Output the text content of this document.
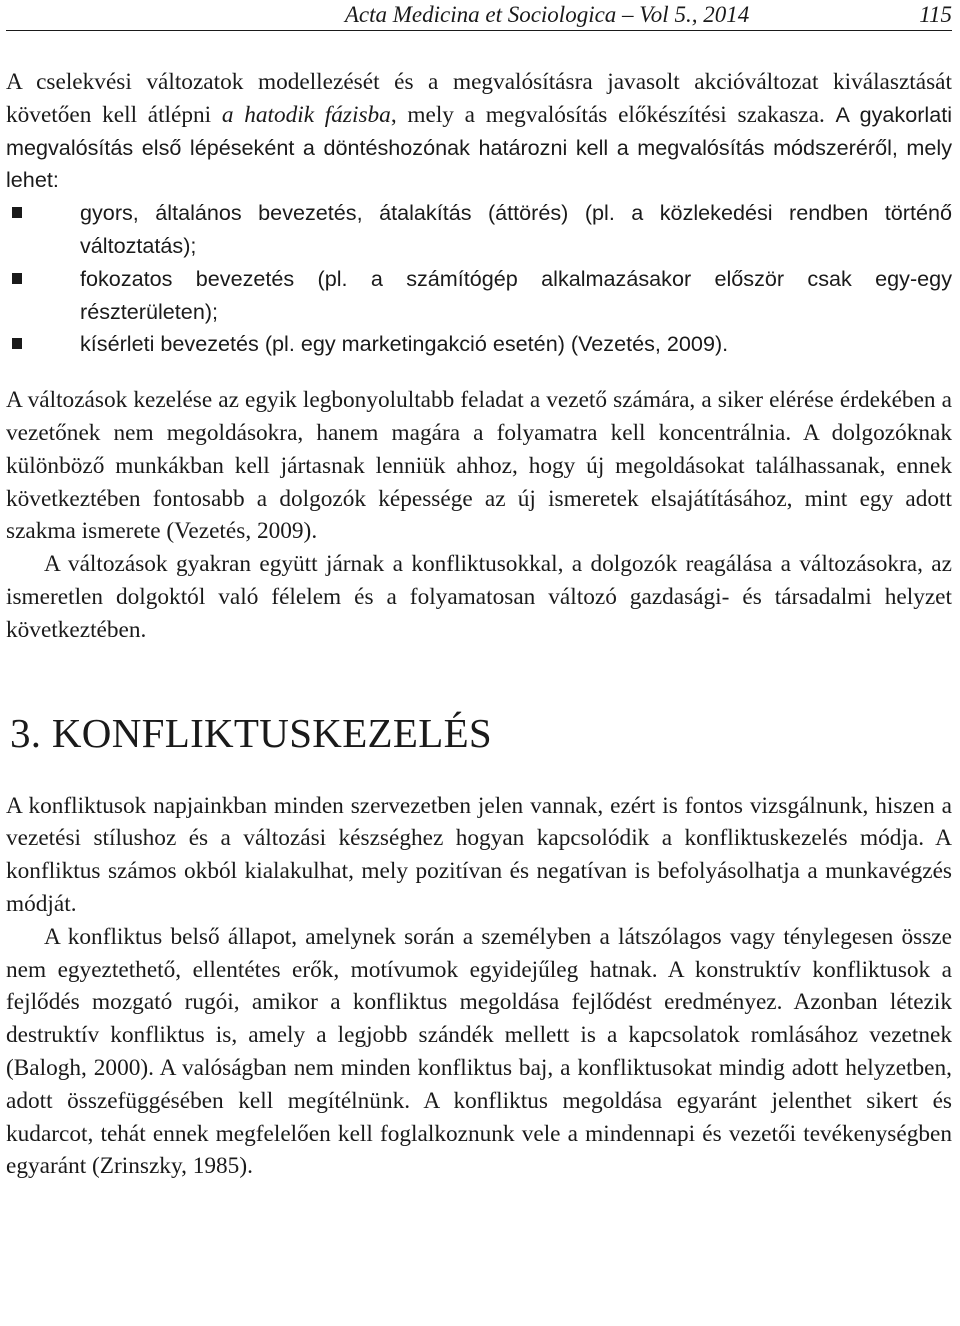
Acta Medicina et Sociologica – Vol 5., 2014	115

A cselekvési változatok modellezését és a megvalósításra javasolt akcióváltozat kiválasztását követően kell átlépni a hatodik fázisba, mely a megvalósítás előkészítési szakasza. A gyakorlati megvalósítás első lépéseként a döntéshozónak határozni kell a megvalósítás módszeréről, mely lehet:

gyors, általános bevezetés, átalakítás (áttörés) (pl. a közlekedési rendben történő változtatás);
fokozatos bevezetés (pl. a számítógép alkalmazásakor először csak egy-egy részterületen);
kísérleti bevezetés (pl. egy marketingakció esetén) (Vezetés, 2009).

A változások kezelése az egyik legbonyolultabb feladat a vezető számára, a siker elérése érdekében a vezetőnek nem megoldásokra, hanem magára a folyamatra kell koncentrálnia. A dolgozóknak különböző munkákban kell jártasnak lenniük ahhoz, hogy új megoldásokat találhassanak, ennek következtében fontosabb a dolgozók képessége az új ismeretek elsajátításához, mint egy adott szakma ismerete (Vezetés, 2009).

A változások gyakran együtt járnak a konfliktusokkal, a dolgozók reagálása a változásokra, az ismeretlen dolgoktól való félelem és a folyamatosan változó gazdasági- és társadalmi helyzet következtében.

3. KONFLIKTUSKEZELÉS

A konfliktusok napjainkban minden szervezetben jelen vannak, ezért is fontos vizsgálnunk, hiszen a vezetési stílushoz és a változási készséghez hogyan kapcsolódik a konfliktuskezelés módja. A konfliktus számos okból kialakulhat, mely pozitívan és negatívan is befolyásolhatja a munkavégzés módját.

A konfliktus belső állapot, amelynek során a személyben a látszólagos vagy ténylegesen össze nem egyeztethető, ellentétes erők, motívumok egyidejűleg hatnak. A konstruktív konfliktusok a fejlődés mozgató rugói, amikor a konfliktus megoldása fejlődést eredményez. Azonban létezik destruktív konfliktus is, amely a legjobb szándék mellett is a kapcsolatok romlásához vezetnek (Balogh, 2000). A valóságban nem minden konfliktus baj, a konfliktusokat mindig adott helyzetben, adott összefüggésében kell megítélnünk. A konfliktus megoldása egyaránt jelenthet sikert és kudarcot, tehát ennek megfelelően kell foglalkoznunk vele a mindennapi és vezetői tevékenységben egyaránt (Zrinszky, 1985).
